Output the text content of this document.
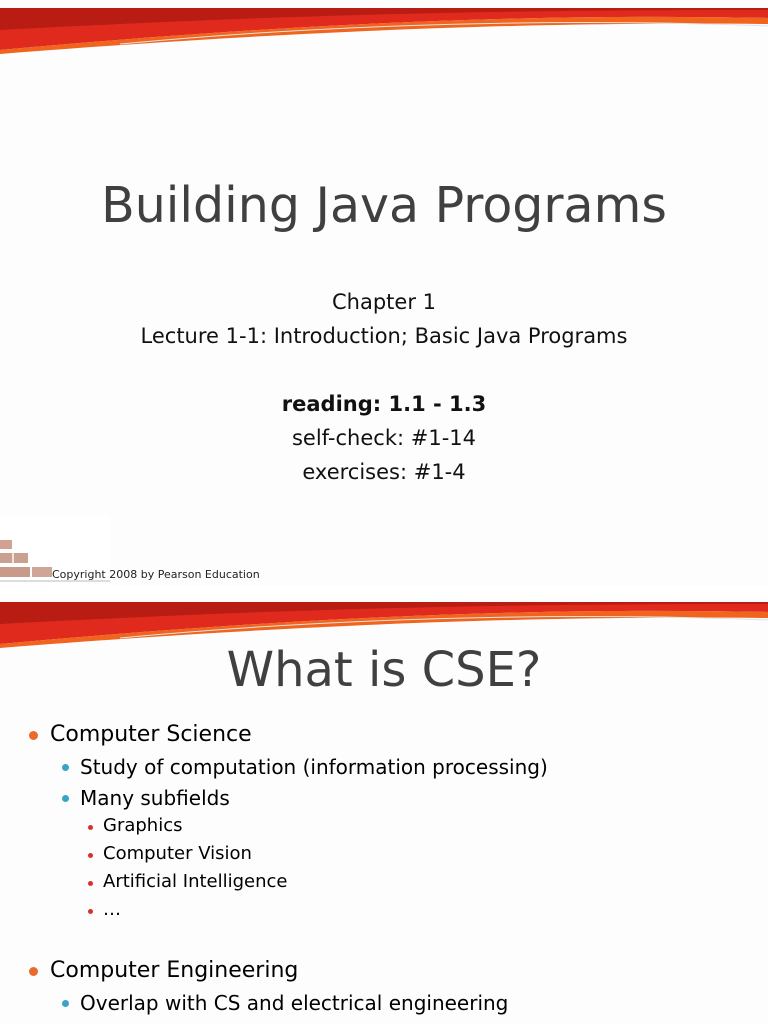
Building Java Programs
Chapter 1
Lecture 1-1: Introduction; Basic Java Programs
reading: 1.1 - 1.3
self-check: #1-14
exercises: #1-4
Copyright 2008 by Pearson Education
What is CSE?
Computer Science
Study of computation (information processing)
Many subfields
Graphics
Computer Vision
Artificial Intelligence
…
Computer Engineering
Overlap with CS and electrical engineering
